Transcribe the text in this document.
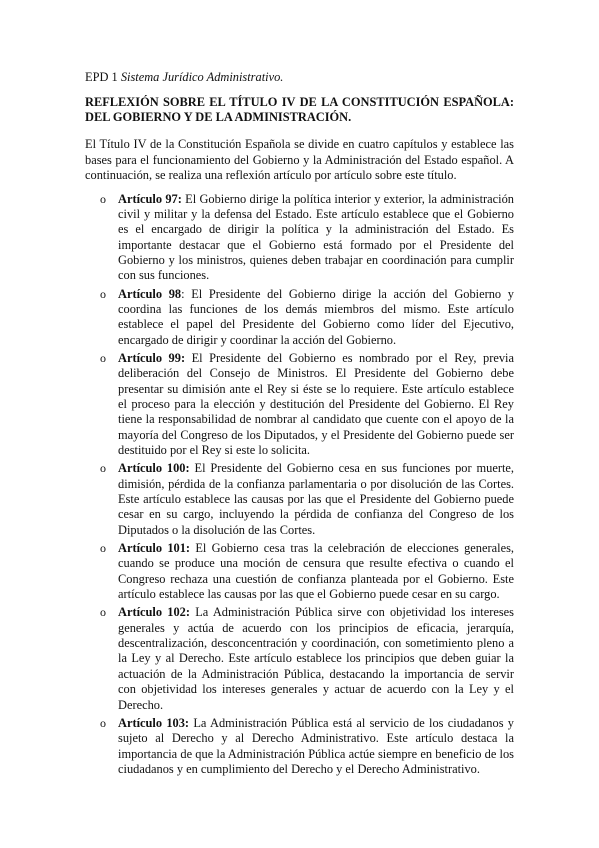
EPD 1 Sistema Jurídico Administrativo.

REFLEXIÓN SOBRE EL TÍTULO IV DE LA CONSTITUCIÓN ESPAÑOLA: DEL GOBIERNO Y DE LA ADMINISTRACIÓN.

El Título IV de la Constitución Española se divide en cuatro capítulos y establece las bases para el funcionamiento del Gobierno y la Administración del Estado español. A continuación, se realiza una reflexión artículo por artículo sobre este título.

o Artículo 97: El Gobierno dirige la política interior y exterior, la administración civil y militar y la defensa del Estado. Este artículo establece que el Gobierno es el encargado de dirigir la política y la administración del Estado. Es importante destacar que el Gobierno está formado por el Presidente del Gobierno y los ministros, quienes deben trabajar en coordinación para cumplir con sus funciones.
o Artículo 98: El Presidente del Gobierno dirige la acción del Gobierno y coordina las funciones de los demás miembros del mismo. Este artículo establece el papel del Presidente del Gobierno como líder del Ejecutivo, encargado de dirigir y coordinar la acción del Gobierno.
o Artículo 99: El Presidente del Gobierno es nombrado por el Rey, previa deliberación del Consejo de Ministros. El Presidente del Gobierno debe presentar su dimisión ante el Rey si éste se lo requiere. Este artículo establece el proceso para la elección y destitución del Presidente del Gobierno. El Rey tiene la responsabilidad de nombrar al candidato que cuente con el apoyo de la mayoría del Congreso de los Diputados, y el Presidente del Gobierno puede ser destituido por el Rey si este lo solicita.
o Artículo 100: El Presidente del Gobierno cesa en sus funciones por muerte, dimisión, pérdida de la confianza parlamentaria o por disolución de las Cortes. Este artículo establece las causas por las que el Presidente del Gobierno puede cesar en su cargo, incluyendo la pérdida de confianza del Congreso de los Diputados o la disolución de las Cortes.
o Artículo 101: El Gobierno cesa tras la celebración de elecciones generales, cuando se produce una moción de censura que resulte efectiva o cuando el Congreso rechaza una cuestión de confianza planteada por el Gobierno. Este artículo establece las causas por las que el Gobierno puede cesar en su cargo.
o Artículo 102: La Administración Pública sirve con objetividad los intereses generales y actúa de acuerdo con los principios de eficacia, jerarquía, descentralización, desconcentración y coordinación, con sometimiento pleno a la Ley y al Derecho. Este artículo establece los principios que deben guiar la actuación de la Administración Pública, destacando la importancia de servir con objetividad los intereses generales y actuar de acuerdo con la Ley y el Derecho.
o Artículo 103: La Administración Pública está al servicio de los ciudadanos y sujeto al Derecho y al Derecho Administrativo. Este artículo destaca la importancia de que la Administración Pública actúe siempre en beneficio de los ciudadanos y en cumplimiento del Derecho y el Derecho Administrativo.
